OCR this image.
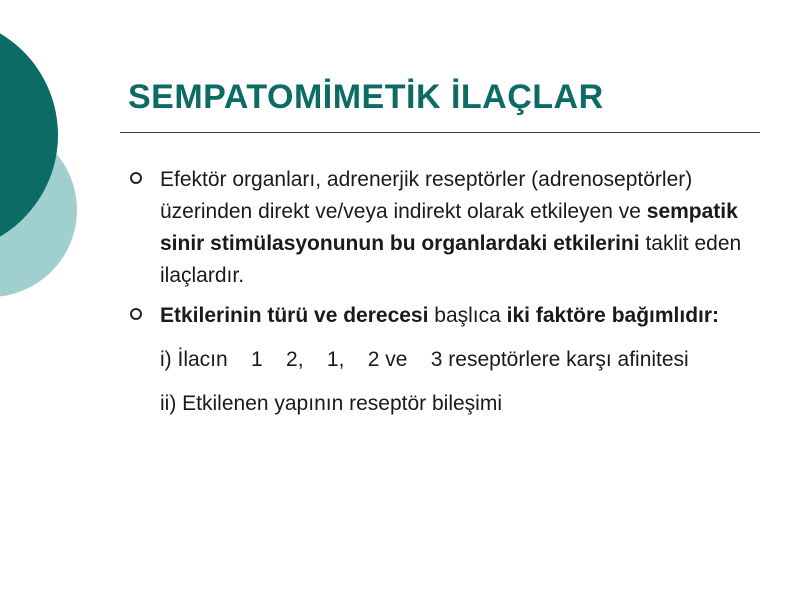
SEMPATOMİMETİK İLAÇLAR
Efektör organları, adrenerjik reseptörler (adrenoseptörler) üzerinden direkt ve/veya indirekt olarak etkileyen ve sempatik sinir stimülasyonunun bu organlardaki etkilerini taklit eden ilaçlardır.
Etkilerinin türü ve derecesi başlıca iki faktöre bağımlıdır:
i) İlacın    1    2,    1,    2 ve    3 reseptörlere karşı afinitesi
ii) Etkilenen yapının reseptör bileşimi
